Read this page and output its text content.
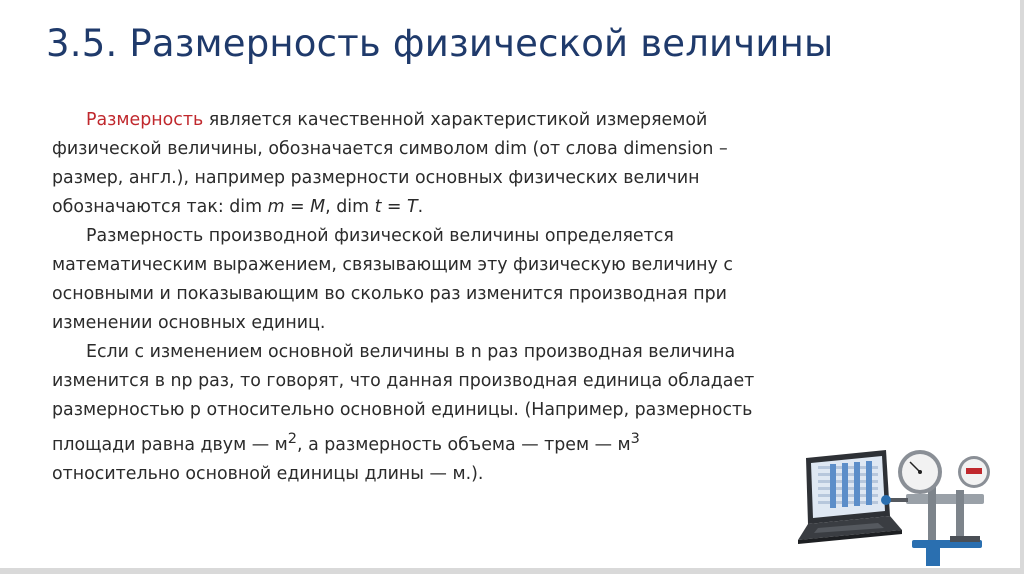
3.5. Размерность физической величины

Размерность является качественной характеристикой измеряемой
физической величины, обозначается символом dim (от слова dimension –
размер, англ.), например размерности основных физических величин
обозначаются так: dim m = M, dim t = T.

Размерность производной физической величины определяется
математическим выражением, связывающим эту физическую величину с
основными и показывающим во сколько раз изменится производная при
изменении основных единиц.

Если с изменением основной величины в n раз производная величина
изменится в np раз, то говорят, что данная производная единица обладает
размерностью p относительно основной единицы. (Например, размерность
площади равна двум — $м^2$, а размерность объема — трем — $м^3$
относительно основной единицы длины — м.).
